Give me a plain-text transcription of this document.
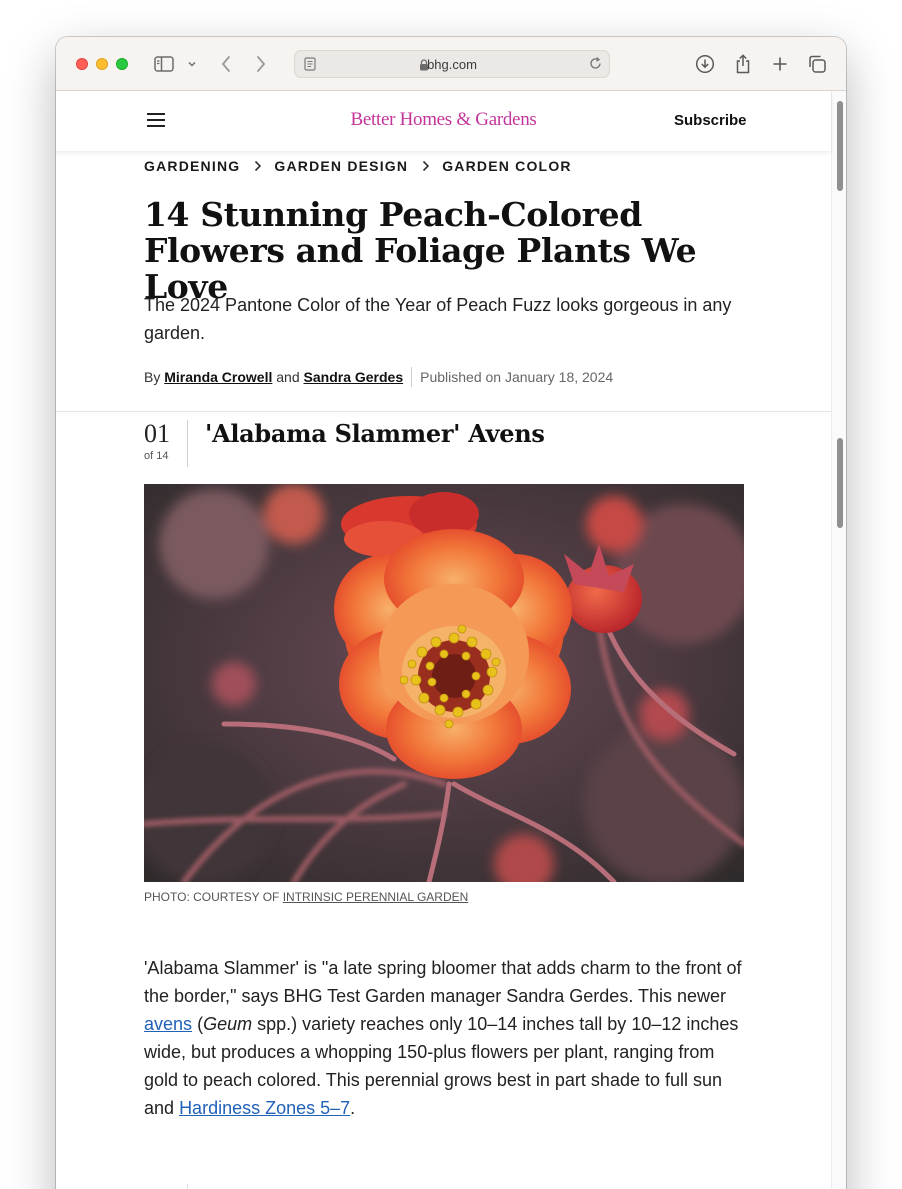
bhg.com
Better Homes & Gardens	Subscribe
GARDENING GARDEN DESIGN GARDEN COLOR
14 Stunning Peach-Colored Flowers and Foliage Plants We Love

The 2024 Pantone Color of the Year of Peach Fuzz looks gorgeous in any garden.

By
Miranda Crowell
and
Sandra Gerdes Published on January 18, 2024
01
of 14
'Alabama Slammer' Avens
PHOTO: COURTESY OF INTRINSIC PERENNIAL GARDEN

'Alabama Slammer' is "a late spring bloomer that adds charm to the front of the border," says BHG Test Garden manager Sandra Gerdes. This newer avens (Geum spp.) variety reaches only 10–14 inches tall by 10–12 inches wide, but produces a whopping 150-plus flowers per plant, ranging from gold to peach colored. This perennial grows best in part shade to full sun and Hardiness Zones 5–7.
